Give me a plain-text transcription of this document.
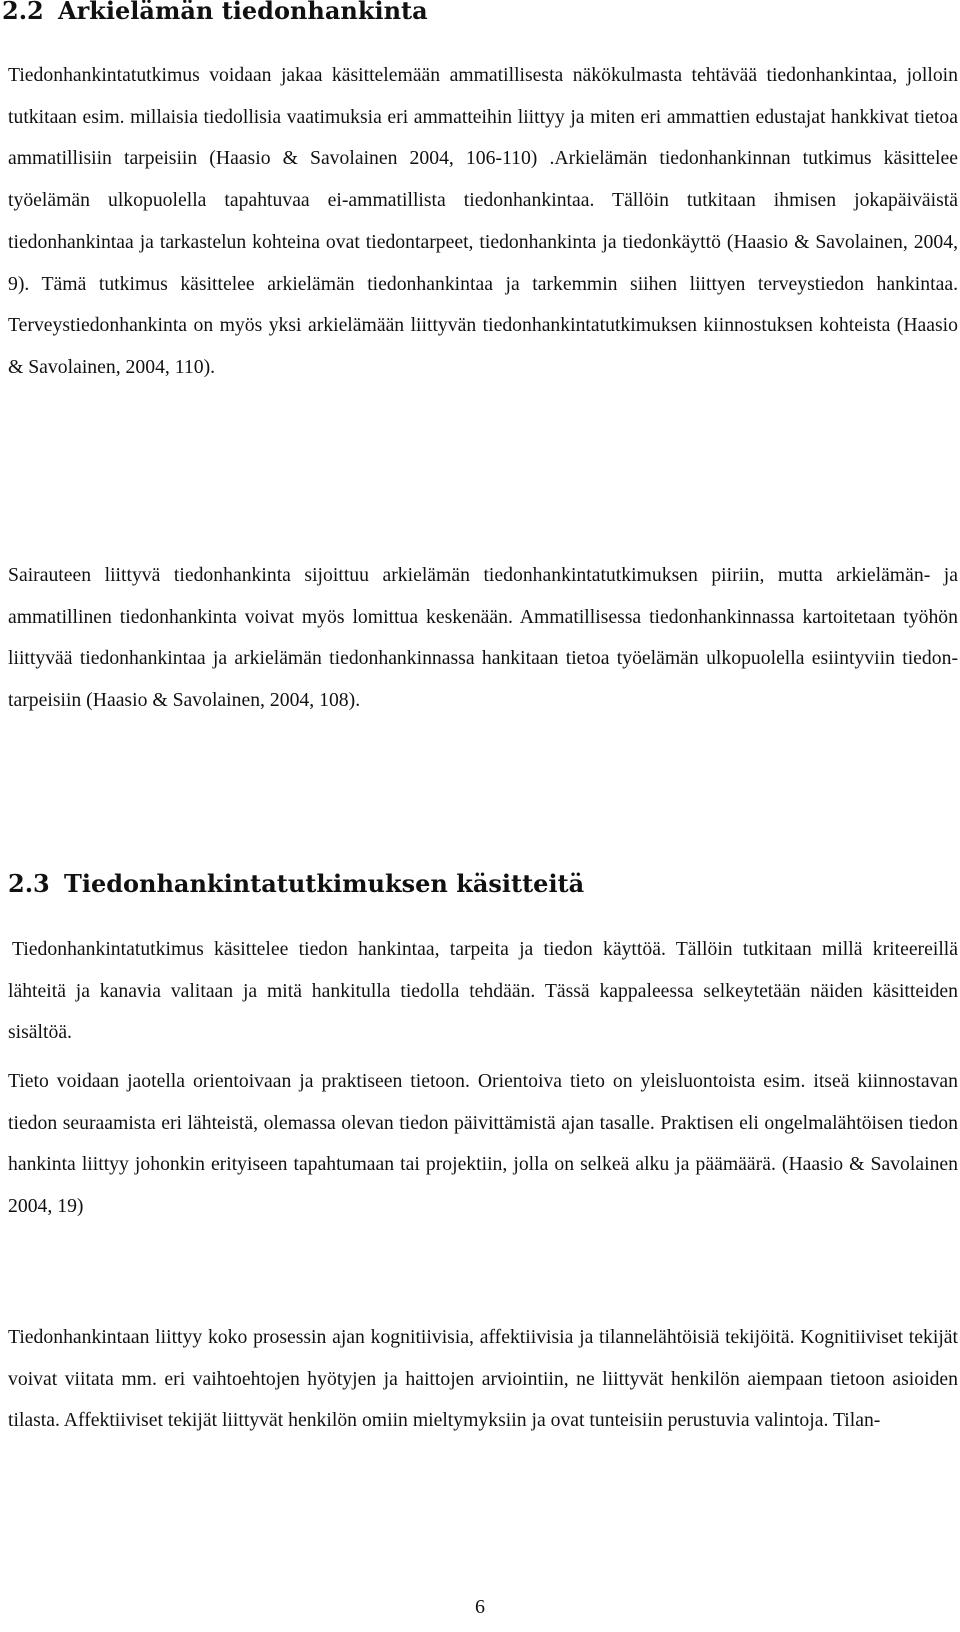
2.2 Arkielämän tiedonhankinta

Tiedonhankintatutkimus voidaan jakaa käsittelemään ammatillisesta näkökulmasta tehtävää tiedonhankintaa, jolloin tutkitaan esim. millaisia tiedollisia vaatimuksia eri ammatteihin liittyy ja miten eri ammattien edustajat hankkivat tietoa ammatillisiin tarpeisiin (Haasio & Savolainen 2004, 106-110) .Arkielämän tiedonhankinnan tutkimus käsittelee työelämän ulkopuolella tapahtuvaa ei-ammatillista tiedonhankintaa. Tällöin tutkitaan ihmisen jokapäiväistä tiedonhankintaa ja tarkastelun kohteina ovat tiedontarpeet, tiedonhankinta ja tiedonkäyttö (Haasio & Savolainen, 2004, 9). Tämä tutkimus käsittelee arkielämän tiedonhankintaa ja tarkemmin siihen liittyen terveystiedon hankintaa. Terveystiedonhankinta on myös yksi arkielämään liittyvän tiedonhankintatutkimuksen kiinnostuksen kohteista (Haasio & Savolainen, 2004, 110).

Sairauteen liittyvä tiedonhankinta sijoittuu arkielämän tiedonhankintatutkimuksen piiriin, mutta arkielämän- ja ammatillinen tiedonhankinta voivat myös lomittua keskenään. Ammatillisessa tiedonhankinnassa kartoitetaan työhön liittyvää tiedonhankintaa ja arkielämän tiedonhankinnassa hankitaan tietoa työelämän ulkopuolella esiintyviin tiedontarpeisiin (Haasio & Savolainen, 2004, 108).

2.3 Tiedonhankintatutkimuksen käsitteitä

Tiedonhankintatutkimus käsittelee tiedon hankintaa, tarpeita ja tiedon käyttöä. Tällöin tutkitaan millä kriteereillä lähteitä ja kanavia valitaan ja mitä hankitulla tiedolla tehdään. Tässä kappaleessa selkeytetään näiden käsitteiden sisältöä.

Tieto voidaan jaotella orientoivaan ja praktiseen tietoon. Orientoiva tieto on yleisluontoista esim. itseä kiinnostavan tiedon seuraamista eri lähteistä, olemassa olevan tiedon päivittämistä ajan tasalle. Praktisen eli ongelmalähtöisen tiedon hankinta liittyy johonkin erityiseen tapahtumaan tai projektiin, jolla on selkeä alku ja päämäärä. (Haasio & Savolainen 2004, 19)

Tiedonhankintaan liittyy koko prosessin ajan kognitiivisia, affektiivisia ja tilannelähtöisiä tekijöitä. Kognitiiviset tekijät voivat viitata mm. eri vaihtoehtojen hyötyjen ja haittojen arviointiin, ne liittyvät henkilön aiempaan tietoon asioiden tilasta. Affektiiviset tekijät liittyvät henkilön omiin mieltymyksiin ja ovat tunteisiin perustuvia valintoja. Tilan-

6
